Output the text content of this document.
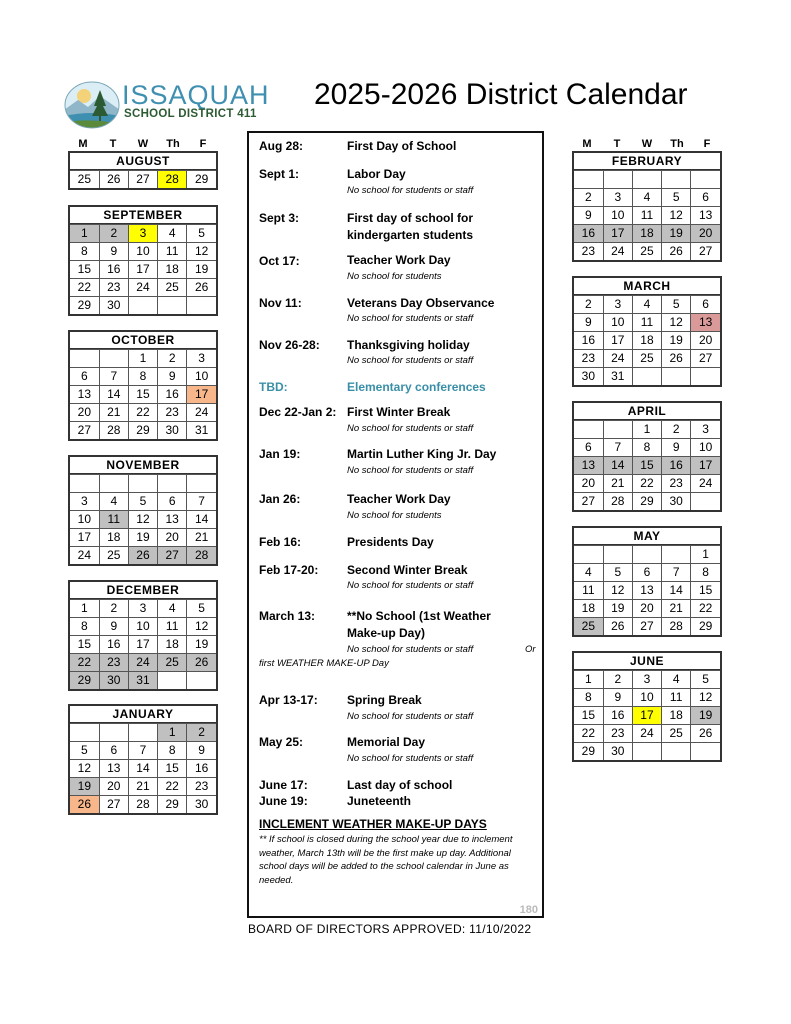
ISSAQUAH
SCHOOL DISTRICT 411
2025-2026 District Calendar
M	T	W	Th	F	M	T	W	Th	F
AUGUST
25	26	27	28	29
SEPTEMBER
1	2	3	4	5
8	9	10	11	12
15	16	17	18	19
22	23	24	25	26
29	30			
OCTOBER
		1	2	3
6	7	8	9	10
13	14	15	16	17
20	21	22	23	24
27	28	29	30	31
NOVEMBER

3	4	5	6	7
10	11	12	13	14
17	18	19	20	21
24	25	26	27	28
DECEMBER
1	2	3	4	5
8	9	10	11	12
15	16	17	18	19
22	23	24	25	26
29	30	31		
JANUARY
			1	2
5	6	7	8	9
12	13	14	15	16
19	20	21	22	23
26	27	28	29	30
FEBRUARY

2	3	4	5	6
9	10	11	12	13
16	17	18	19	20
23	24	25	26	27
MARCH
2	3	4	5	6
9	10	11	12	13
16	17	18	19	20
23	24	25	26	27
30	31			
APRIL
		1	2	3
6	7	8	9	10
13	14	15	16	17
20	21	22	23	24
27	28	29	30	
MAY
				1
4	5	6	7	8
11	12	13	14	15
18	19	20	21	22
25	26	27	28	29
JUNE
1	2	3	4	5
8	9	10	11	12
15	16	17	18	19
22	23	24	25	26
29	30			
Aug 28:	First Day of School
Sept 1:	Labor Day
No school for students or staff
Sept 3:	First day of school for kindergarten students
Oct 17:	Teacher Work Day
No school for students
Nov 11:	Veterans Day Observance
No school for students or staff
Nov 26-28: Thanksgiving holiday
No school for students or staff
TBD:	Elementary conferences
Dec 22-Jan 2: First Winter Break
No school for students or staff
Jan 19:	Martin Luther King Jr. Day
No school for students or staff
Jan 26:	Teacher Work Day
No school for students
Feb 16:	Presidents Day
Feb 17-20: Second Winter Break
No school for students or staff
March 13:	**No School (1st Weather Make-up Day)
No school for students or staff	Or
first WEATHER MAKE-UP Day
Apr 13-17: Spring Break
No school for students or staff
May 25:	Memorial Day
No school for students or staff
June 17:	Last day of school
June 19:	Juneteenth
INCLEMENT WEATHER MAKE-UP DAYS
** If school is closed during the school year due to inclement weather, March 13th will be the first make up day. Additional school days will be added to the school calendar in June as needed.
180
BOARD OF DIRECTORS APPROVED: 11/10/2022
